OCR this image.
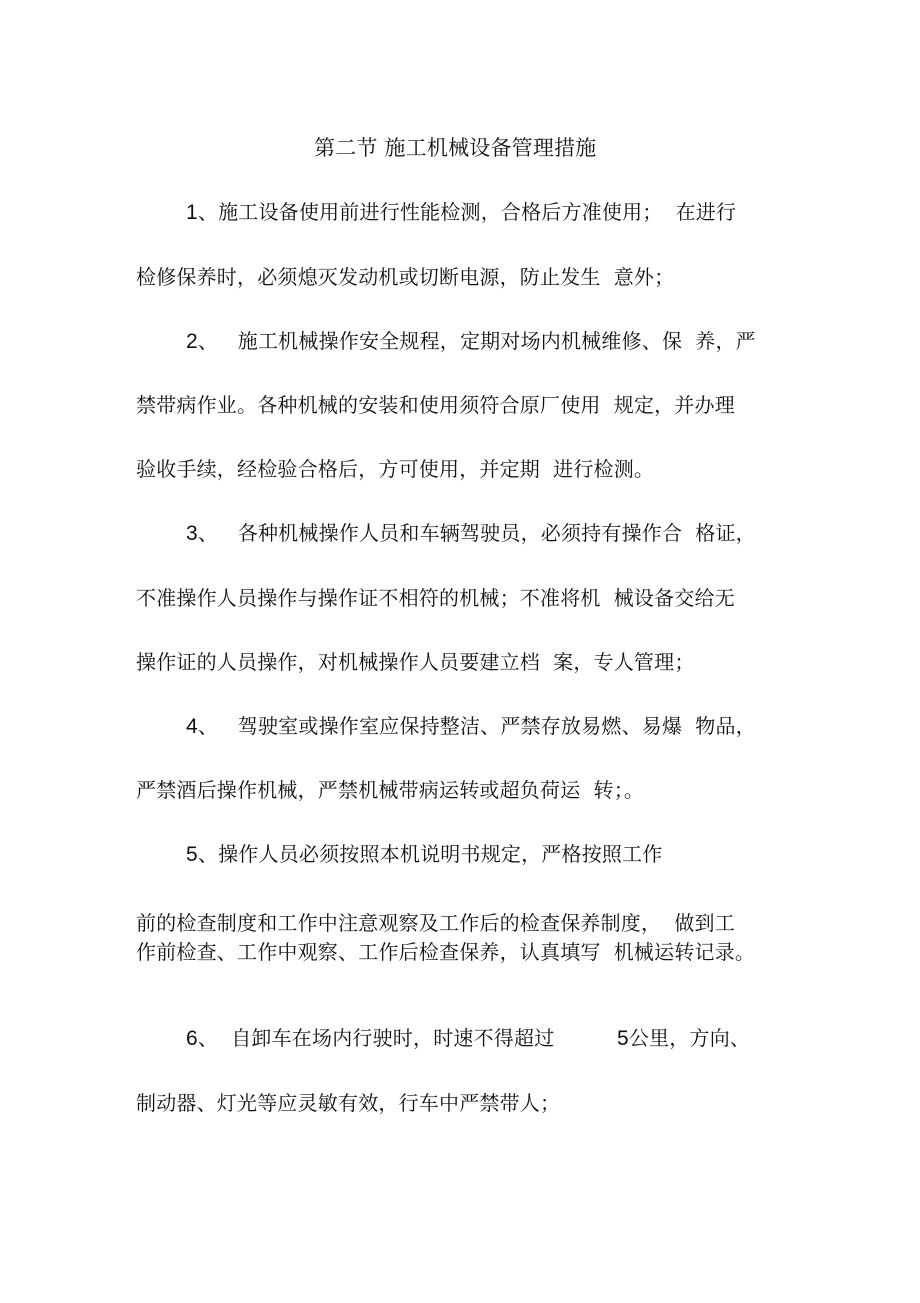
第二节 施工机械设备管理措施
1、施工设备使用前进行性能检测，合格后方准使用；  在进行
检修保养时，必须熄灭发动机或切断电源，防止发生  意外；
2、   施工机械操作安全规程，定期对场内机械维修、保  养，严
禁带病作业。各种机械的安装和使用须符合原厂使用  规定，并办理
验收手续，经检验合格后，方可使用，并定期  进行检测。
3、   各种机械操作人员和车辆驾驶员，必须持有操作合  格证，
不准操作人员操作与操作证不相符的机械；不准将机  械设备交给无
操作证的人员操作，对机械操作人员要建立档  案，专人管理；
4、   驾驶室或操作室应保持整洁、严禁存放易燃、易爆  物品，
严禁酒后操作机械，严禁机械带病运转或超负荷运  转；。
5、操作人员必须按照本机说明书规定，严格按照工作
前的检查制度和工作中注意观察及工作后的检查保养制度，  做到工
作前检查、工作中观察、工作后检查保养，认真填写  机械运转记录。
6、  自卸车在场内行驶时，时速不得超过	5公里，方向、
制动器、灯光等应灵敏有效，行车中严禁带人；
